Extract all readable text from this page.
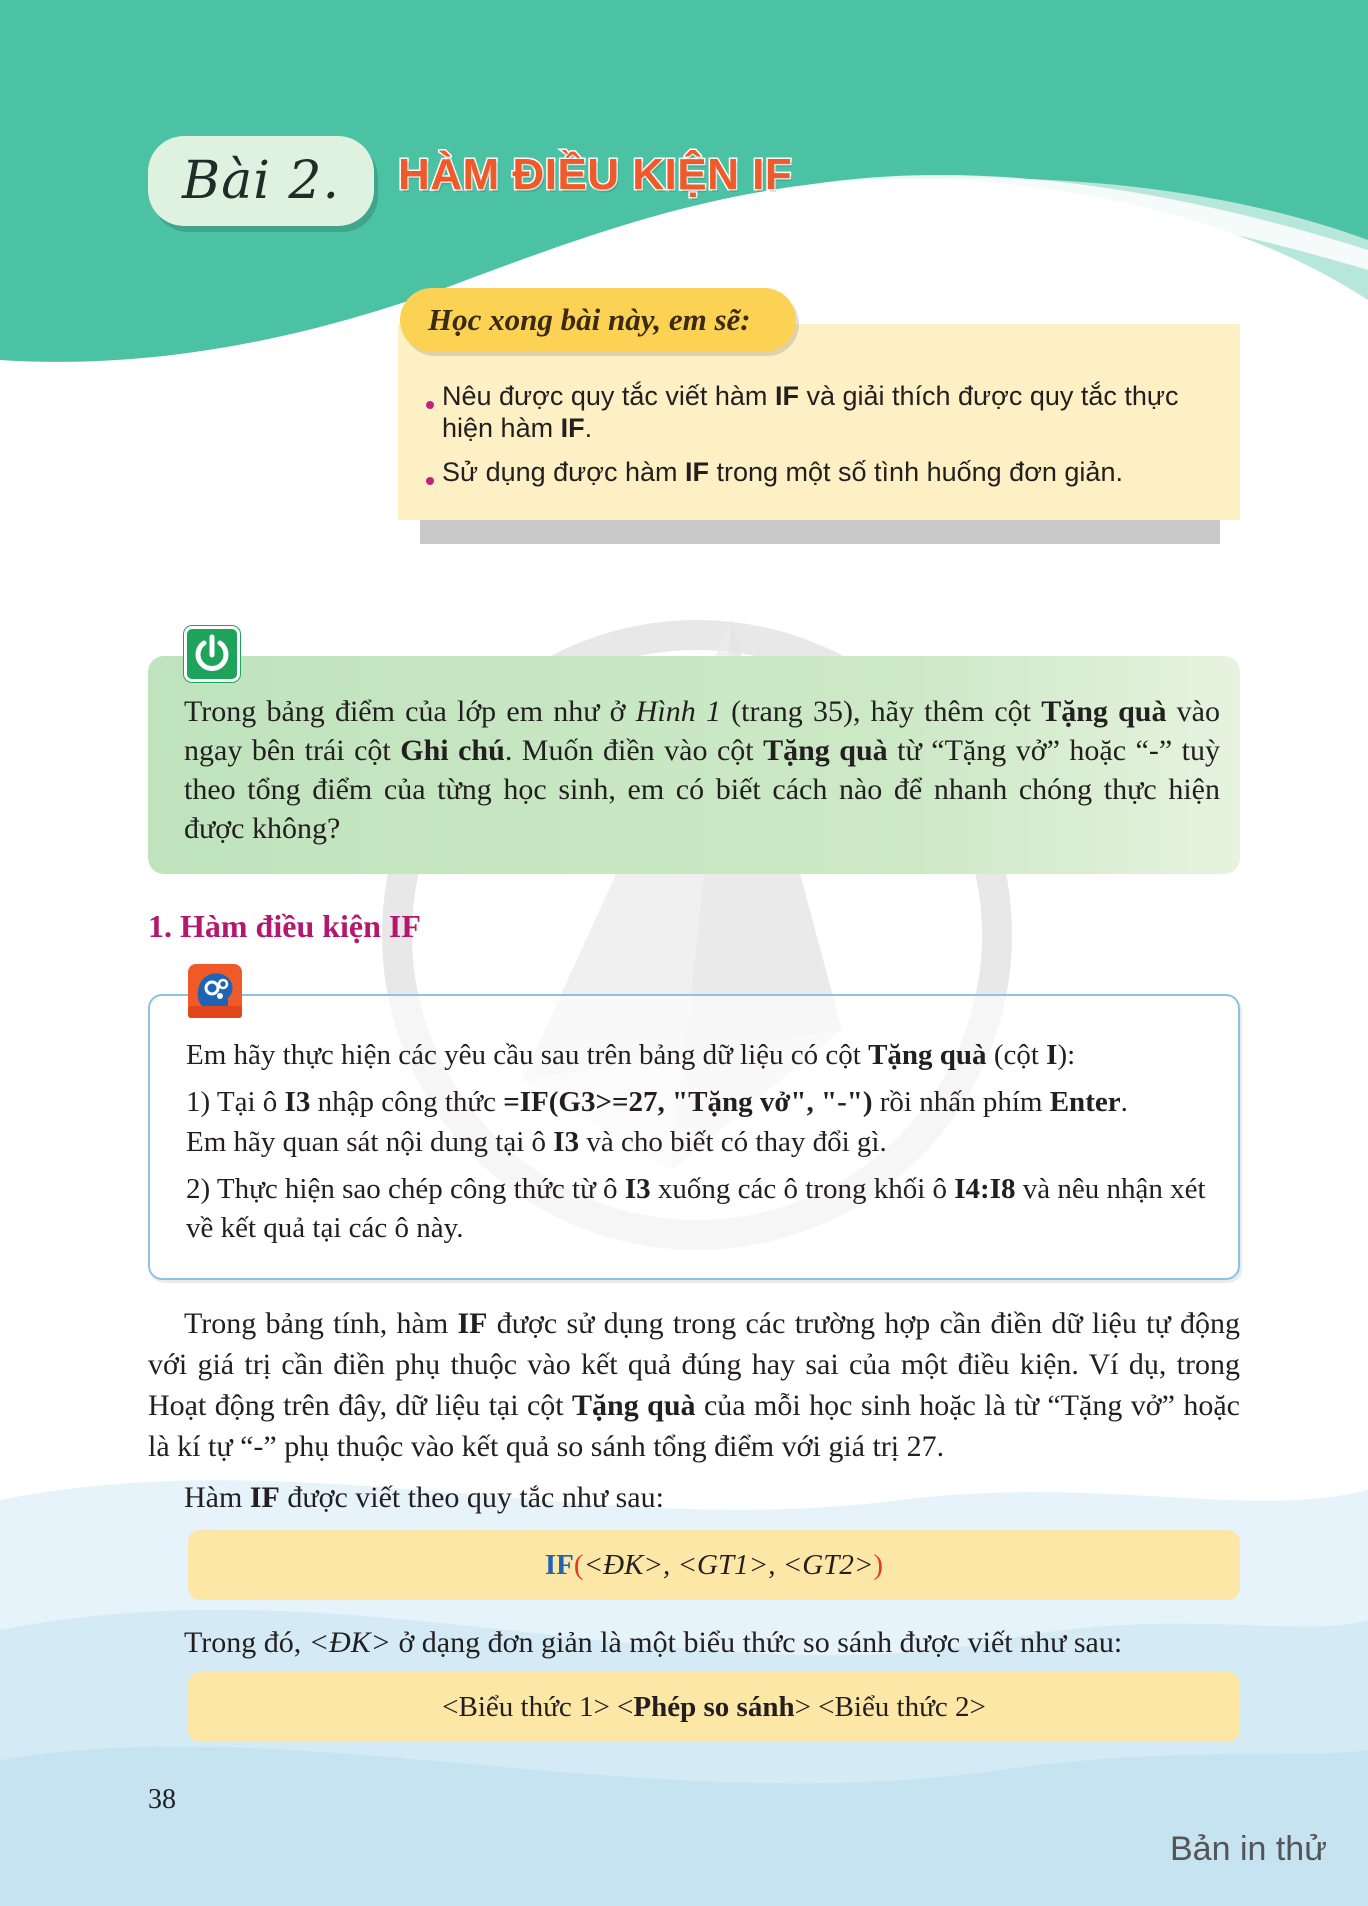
Bài 2. HÀM ĐIỀU KIỆN IF
Học xong bài này, em sẽ:
Nêu được quy tắc viết hàm IF và giải thích được quy tắc thực hiện hàm IF.
Sử dụng được hàm IF trong một số tình huống đơn giản.
Trong bảng điểm của lớp em như ở Hình 1 (trang 35), hãy thêm cột Tặng quà vào ngay bên trái cột Ghi chú. Muốn điền vào cột Tặng quà từ “Tặng vở” hoặc “-” tuỳ theo tổng điểm của từng học sinh, em có biết cách nào để nhanh chóng thực hiện được không?
1. Hàm điều kiện IF
Em hãy thực hiện các yêu cầu sau trên bảng dữ liệu có cột Tặng quà (cột I):
1) Tại ô I3 nhập công thức =IF(G3>=27, "Tặng vở", "-") rồi nhấn phím Enter.
Em hãy quan sát nội dung tại ô I3 và cho biết có thay đổi gì.
2) Thực hiện sao chép công thức từ ô I3 xuống các ô trong khối ô I4:I8 và nêu nhận xét về kết quả tại các ô này.
Trong bảng tính, hàm IF được sử dụng trong các trường hợp cần điền dữ liệu tự động với giá trị cần điền phụ thuộc vào kết quả đúng hay sai của một điều kiện. Ví dụ, trong Hoạt động trên đây, dữ liệu tại cột Tặng quà của mỗi học sinh hoặc là từ “Tặng vở” hoặc là kí tự “-” phụ thuộc vào kết quả so sánh tổng điểm với giá trị 27.
Hàm IF được viết theo quy tắc như sau:
IF ( <ĐK>, <GT1>, <GT2> )
Trong đó, <ĐK> ở dạng đơn giản là một biểu thức so sánh được viết như sau:
<Biểu thức 1> < Phép so sánh > <Biểu thức 2>
38
Bản in thử
